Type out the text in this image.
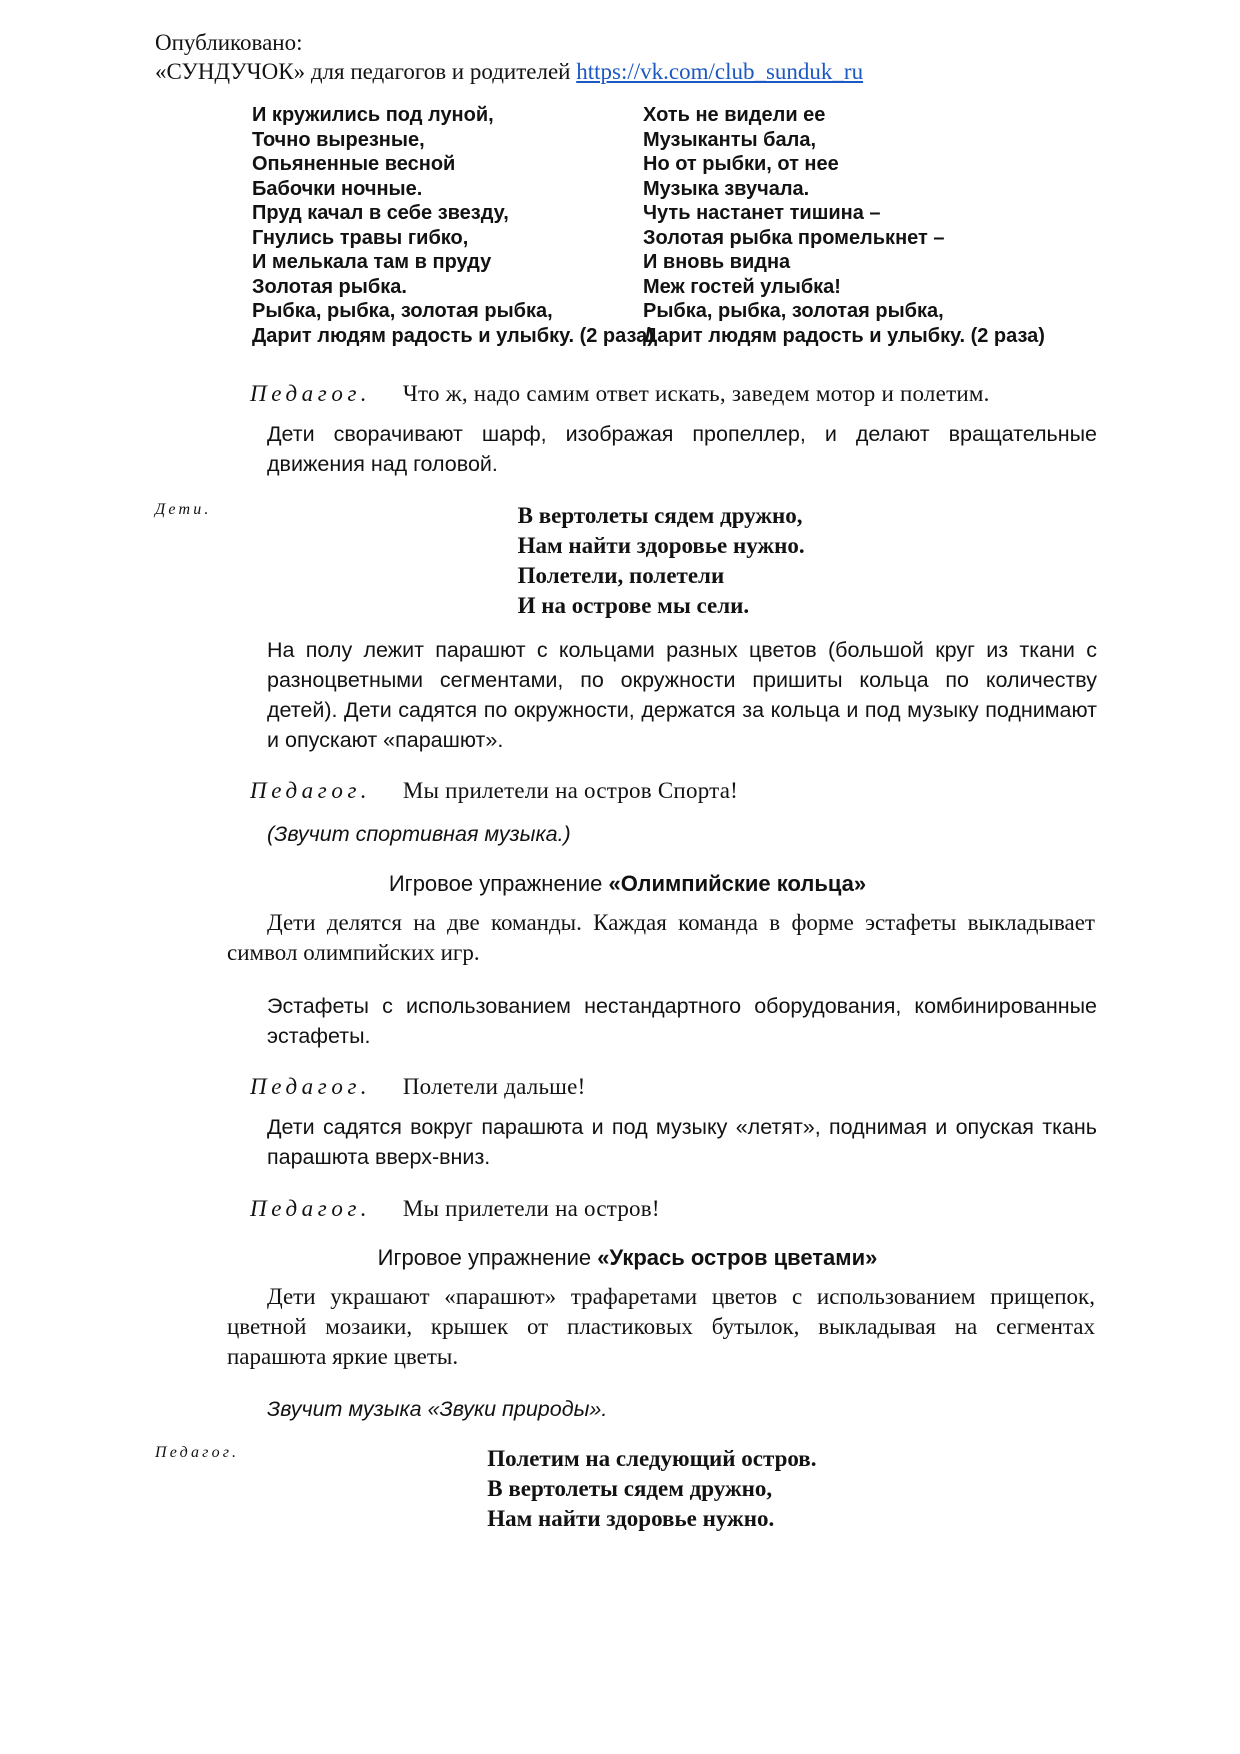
Опубликовано:
«СУНДУЧОК» для педагогов и родителей https://vk.com/club_sunduk_ru
И кружились под луной,
Точно вырезные,
Опьяненные весной
Бабочки ночные.
Пруд качал в себе звезду,
Гнулись травы гибко,
И мелькала там в пруду
Золотая рыбка.
Рыбка, рыбка, золотая рыбка,
Дарит людям радость и улыбку. (2 раза)
Хоть не видели ее
Музыканты бала,
Но от рыбки, от нее
Музыка звучала.
Чуть настанет тишина –
Золотая рыбка промелькнет –
И вновь видна
Меж гостей улыбка!
Рыбка, рыбка, золотая рыбка,
Дарит людям радость и улыбку. (2 раза)

Педагог. Что ж, надо самим ответ искать, заведем мотор и полетим.

Дети сворачивают шарф, изображая пропеллер, и делают вращательные движения над головой.

Дети.	В вертолеты сядем дружно,
Нам найти здоровье нужно.
Полетели, полетели
И на острове мы сели.

На полу лежит парашют с кольцами разных цветов (большой круг из ткани с разноцветными сегментами, по окружности пришиты кольца по количеству детей). Дети садятся по окружности, держатся за кольца и под музыку поднимают и опускают «парашют».

Педагог. Мы прилетели на остров Спорта!

(Звучит спортивная музыка.)

Игровое упражнение «Олимпийские кольца»

Дети делятся на две команды. Каждая команда в форме эстафеты выкладывает символ олимпийских игр.

Эстафеты с использованием нестандартного оборудования, комбинированные эстафеты.

Педагог. Полетели дальше!

Дети садятся вокруг парашюта и под музыку «летят», поднимая и опуская ткань парашюта вверх-вниз.

Педагог. Мы прилетели на остров!

Игровое упражнение «Укрась остров цветами»

Дети украшают «парашют» трафаретами цветов с использованием прищепок, цветной мозаики, крышек от пластиковых бутылок, выкладывая на сегментах парашюта яркие цветы.

Звучит музыка «Звуки природы».

Педагог.	Полетим на следующий остров.
В вертолеты сядем дружно,
Нам найти здоровье нужно.
